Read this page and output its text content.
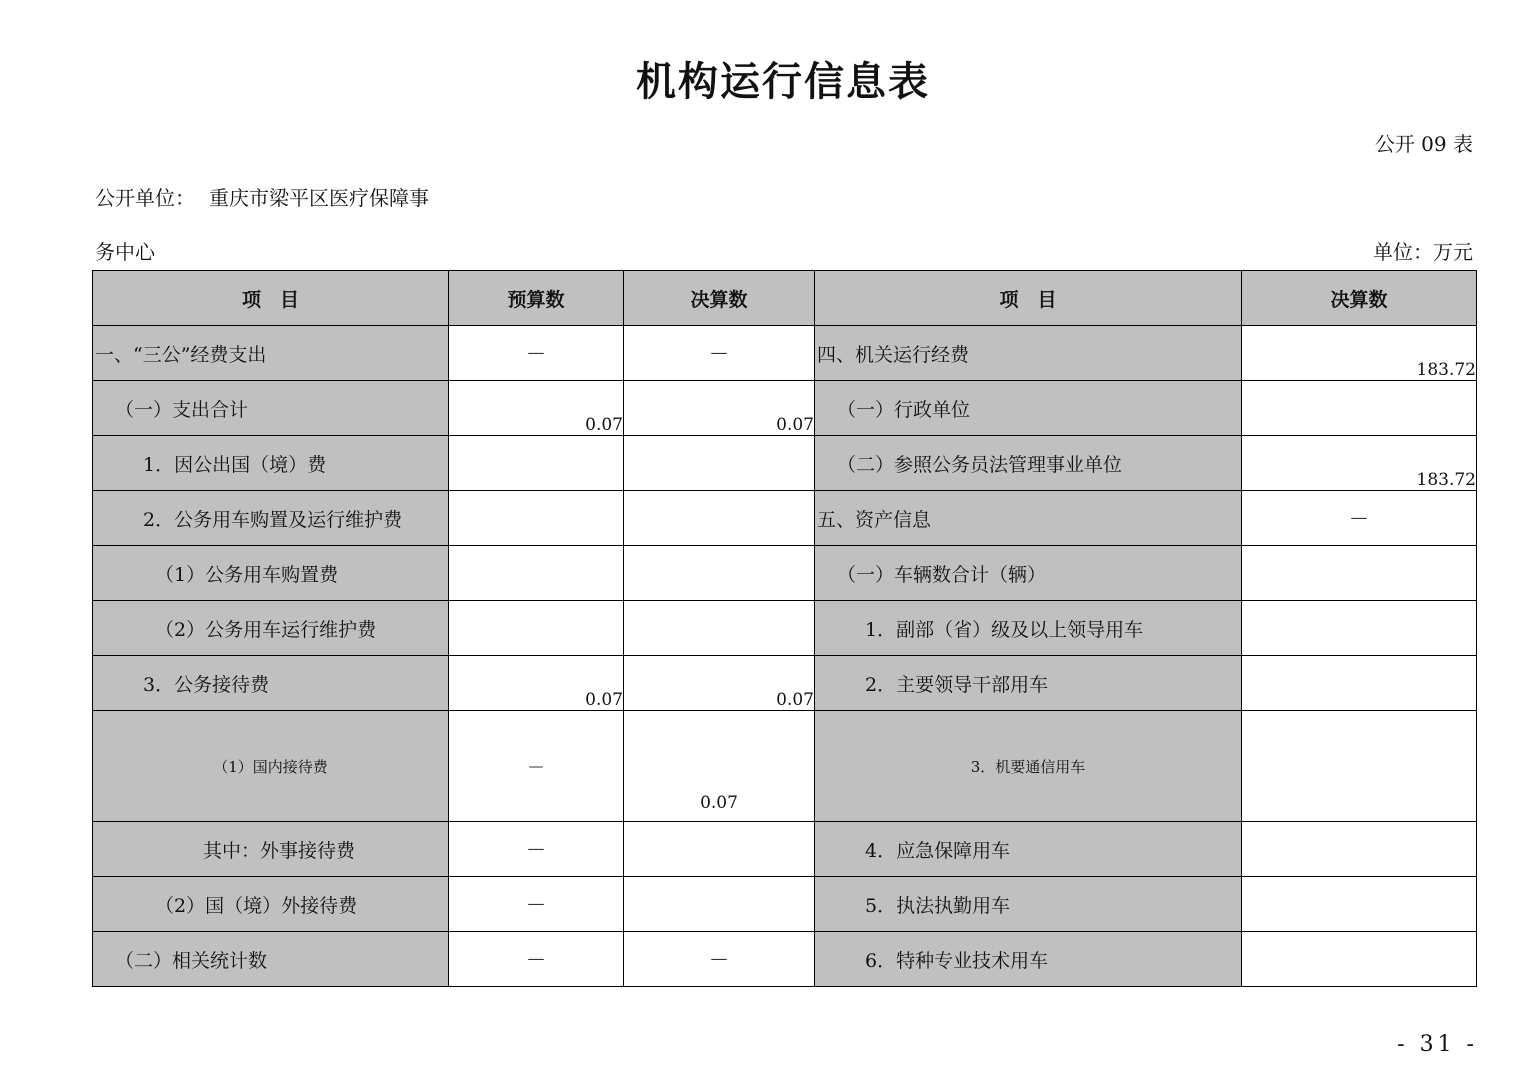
机构运行信息表
公开 09 表
公开单位： 重庆市梁平区医疗保障事
务中心	单位：万元
项　目	预算数	决算数	项　目	决算数
一、“三公”经费支出	—	—	四、机关运行经费	183.72
（一）支出合计	0.07	0.07	（一）行政单位	
1．因公出国（境）费			（二）参照公务员法管理事业单位	183.72
2．公务用车购置及运行维护费			五、资产信息	—
（1）公务用车购置费			（一）车辆数合计（辆）	
（2）公务用车运行维护费			1．副部（省）级及以上领导用车	
3．公务接待费	0.07	0.07	2．主要领导干部用车	
（1）国内接待费	—	0.07	3．机要通信用车	
其中：外事接待费	—		4．应急保障用车	
（2）国（境）外接待费	—		5．执法执勤用车	
（二）相关统计数	—	—	6．特种专业技术用车	
- 31 -
